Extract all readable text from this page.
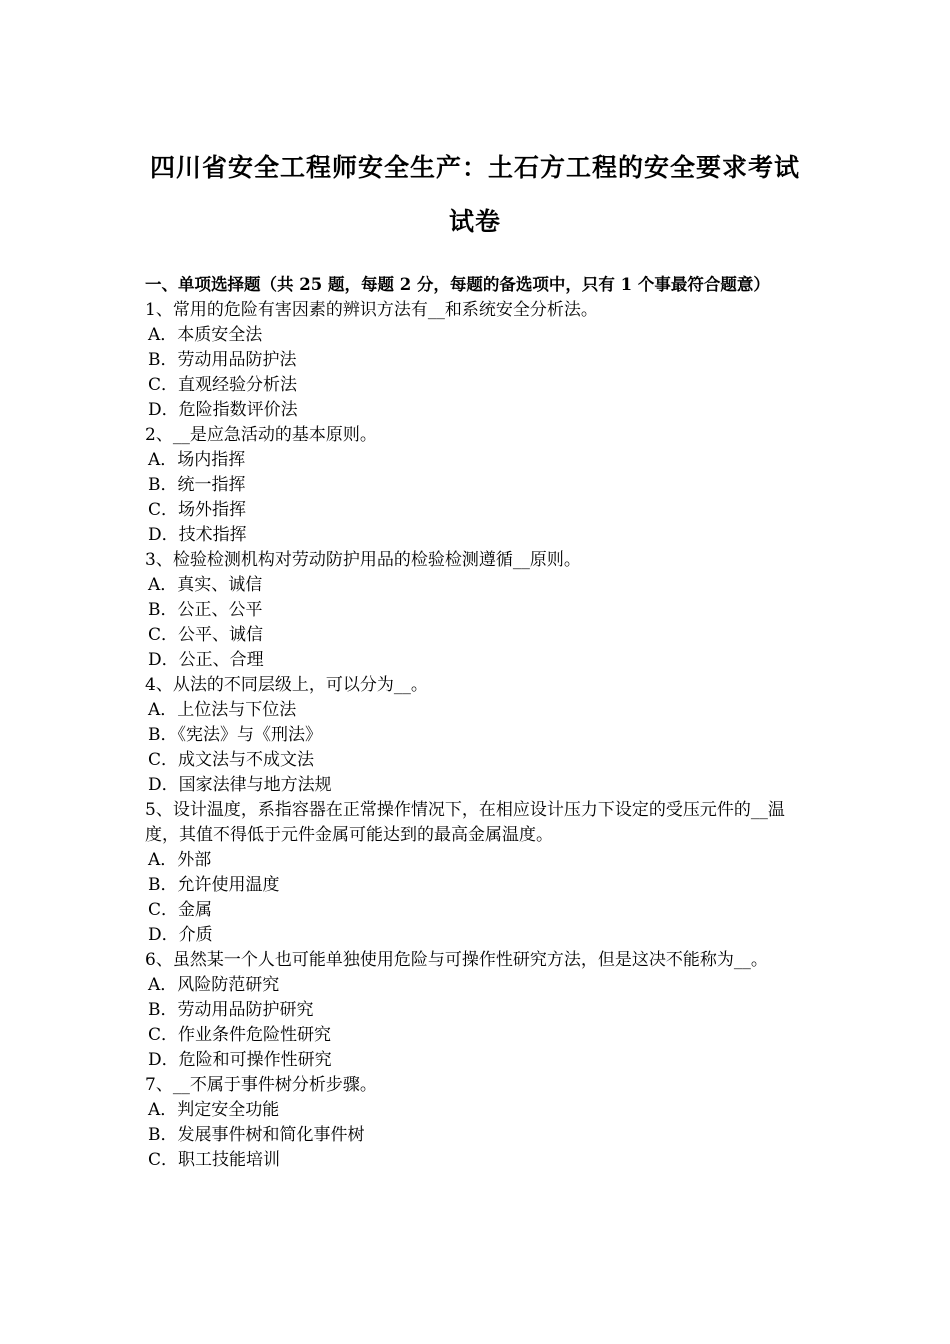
四川省安全工程师安全生产：土石方工程的安全要求考试
试卷
一、单项选择题（共 25 题，每题 2 分，每题的备选项中，只有 1 个事最符合题意）
1、常用的危险有害因素的辨识方法有__和系统安全分析法。
A．本质安全法
B．劳动用品防护法
C．直观经验分析法
D．危险指数评价法
2、__是应急活动的基本原则。
A．场内指挥
B．统一指挥
C．场外指挥
D．技术指挥
3、检验检测机构对劳动防护用品的检验检测遵循__原则。
A．真实、诚信
B．公正、公平
C．公平、诚信
D．公正、合理
4、从法的不同层级上，可以分为__。
A．上位法与下位法
B．《宪法》与《刑法》
C．成文法与不成文法
D．国家法律与地方法规
5、设计温度，系指容器在正常操作情况下，在相应设计压力下设定的受压元件的__温度，其值不得低于元件金属可能达到的最高金属温度。
A．外部
B．允许使用温度
C．金属
D．介质
6、虽然某一个人也可能单独使用危险与可操作性研究方法，但是这决不能称为__。
A．风险防范研究
B．劳动用品防护研究
C．作业条件危险性研究
D．危险和可操作性研究
7、__不属于事件树分析步骤。
A．判定安全功能
B．发展事件树和简化事件树
C．职工技能培训
